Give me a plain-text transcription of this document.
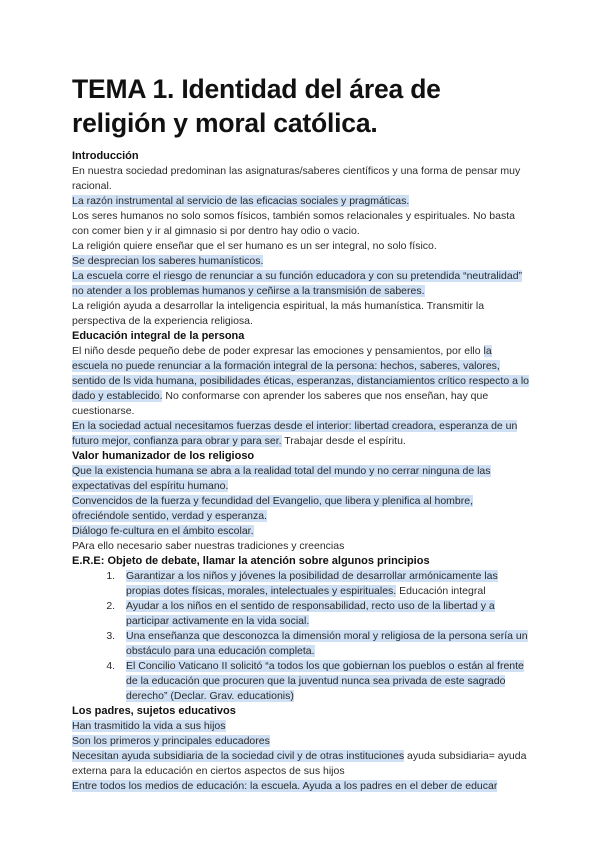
TEMA 1. Identidad del área de religión y moral católica.

Introducción

En nuestra sociedad predominan las asignaturas/saberes científicos y una forma de pensar muy racional.

La razón instrumental al servicio de las eficacias sociales y pragmáticas.

Los seres humanos no solo somos físicos, también somos relacionales y espirituales. No basta con comer bien y ir al gimnasio si por dentro hay odio o vacio.

La religión quiere enseñar que el ser humano es un ser integral, no solo físico.

Se desprecian los saberes humanísticos.

La escuela corre el riesgo de renunciar a su función educadora y con su pretendida “neutralidad” no atender a los problemas humanos y ceñirse a la transmisión de saberes.

La religión ayuda a desarrollar la inteligencia espiritual, la más humanística. Transmitir la perspectiva de la experiencia religiosa.

Educación integral de la persona

El niño desde pequeño debe de poder expresar las emociones y pensamientos, por ello la escuela no puede renunciar a la formación integral de la persona: hechos, saberes, valores, sentido de ls vida humana, posibilidades éticas, esperanzas, distanciamientos crítico respecto a lo dado y establecido. No conformarse con aprender los saberes que nos enseñan, hay que cuestionarse.

En la sociedad actual necesitamos fuerzas desde el interior: libertad creadora, esperanza de un futuro mejor, confianza para obrar y para ser. Trabajar desde el espíritu.

Valor humanizador de los religioso

Que la existencia humana se abra a la realidad total del mundo y no cerrar ninguna de las expectativas del espíritu humano.

Convencidos de la fuerza y fecundidad del Evangelio, que libera y plenifica al hombre, ofreciéndole sentido, verdad y esperanza.

Diálogo fe-cultura en el ámbito escolar.

PAra ello necesario saber nuestras tradiciones y creencias

E.R.E: Objeto de debate, llamar la atención sobre algunos principios

1. Garantizar a los niños y jóvenes la posibilidad de desarrollar armónicamente las propias dotes físicas, morales, intelectuales y espirituales. Educación integral
2. Ayudar a los niños en el sentido de responsabilidad, recto uso de la libertad y a participar activamente en la vida social.
3. Una enseñanza que desconozca la dimensión moral y religiosa de la persona sería un obstáculo para una educación completa.
4. El Concilio Vaticano II solicitó “a todos los que gobiernan los pueblos o están al frente de la educación que procuren que la juventud nunca sea privada de este sagrado derecho” (Declar. Grav. educationis)

Los padres, sujetos educativos

Han trasmitido la vida a sus hijos

Son los primeros y principales educadores

Necesitan ayuda subsidiaria de la sociedad civil y de otras instituciones ayuda subsidiaria= ayuda externa para la educación en ciertos aspectos de sus hijos

Entre todos los medios de educación: la escuela. Ayuda a los padres en el deber de educar
